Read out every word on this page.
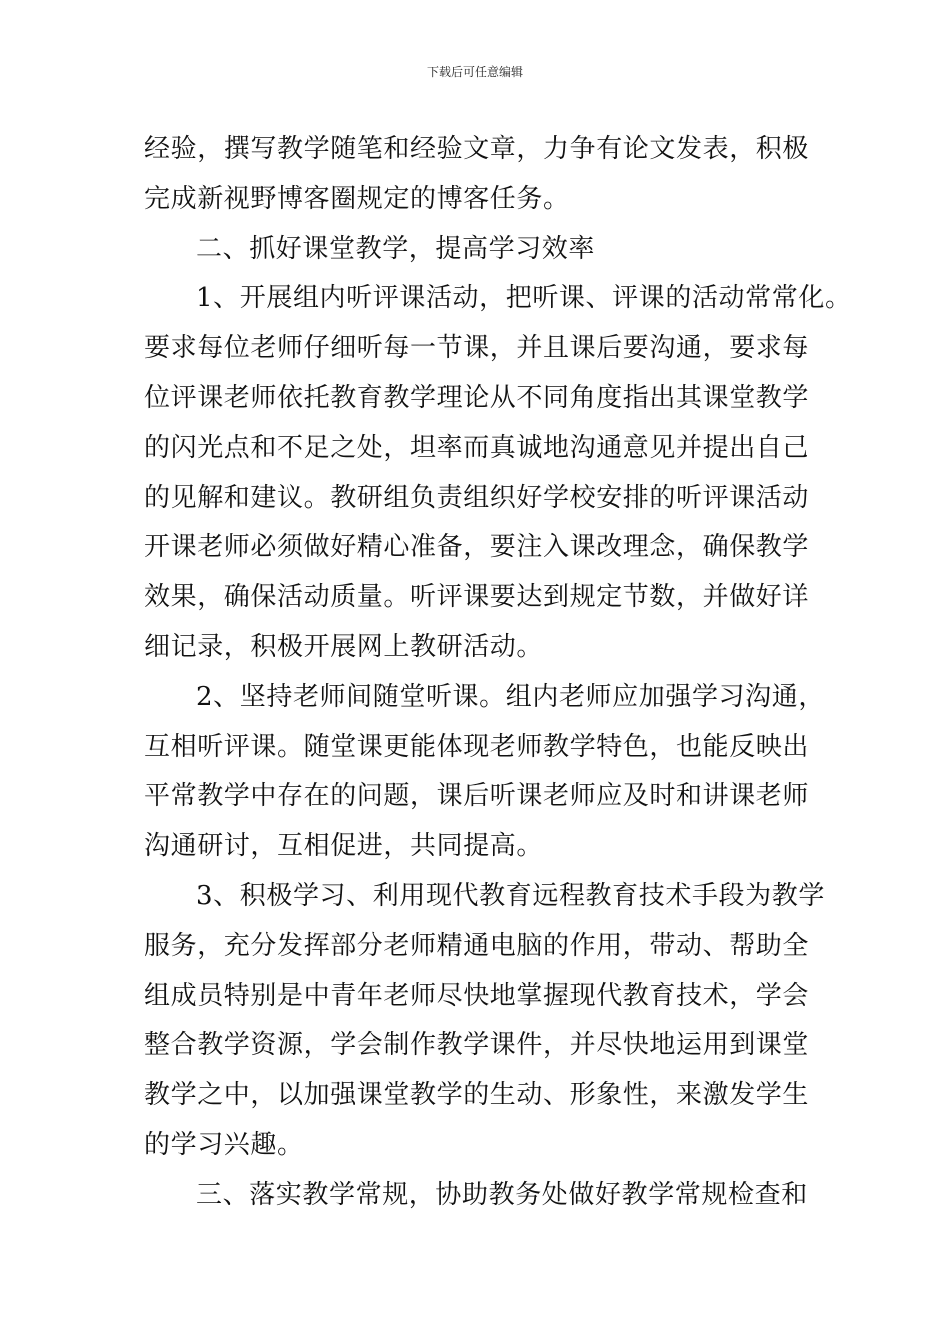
下载后可任意编辑
经验，撰写教学随笔和经验文章，力争有论文发表，积极
完成新视野博客圈规定的博客任务。
二、抓好课堂教学，提高学习效率
1、开展组内听评课活动，把听课、评课的活动常常化。
要求每位老师仔细听每一节课，并且课后要沟通，要求每
位评课老师依托教育教学理论从不同角度指出其课堂教学
的闪光点和不足之处，坦率而真诚地沟通意见并提出自己
的见解和建议。教研组负责组织好学校安排的听评课活动
开课老师必须做好精心准备，要注入课改理念，确保教学
效果，确保活动质量。听评课要达到规定节数，并做好详
细记录，积极开展网上教研活动。
2、坚持老师间随堂听课。组内老师应加强学习沟通，
互相听评课。随堂课更能体现老师教学特色，也能反映出
平常教学中存在的问题，课后听课老师应及时和讲课老师
沟通研讨，互相促进，共同提高。
3、积极学习、利用现代教育远程教育技术手段为教学
服务，充分发挥部分老师精通电脑的作用，带动、帮助全
组成员特别是中青年老师尽快地掌握现代教育技术，学会
整合教学资源，学会制作教学课件，并尽快地运用到课堂
教学之中，以加强课堂教学的生动、形象性，来激发学生
的学习兴趣。
三、落实教学常规，协助教务处做好教学常规检查和
